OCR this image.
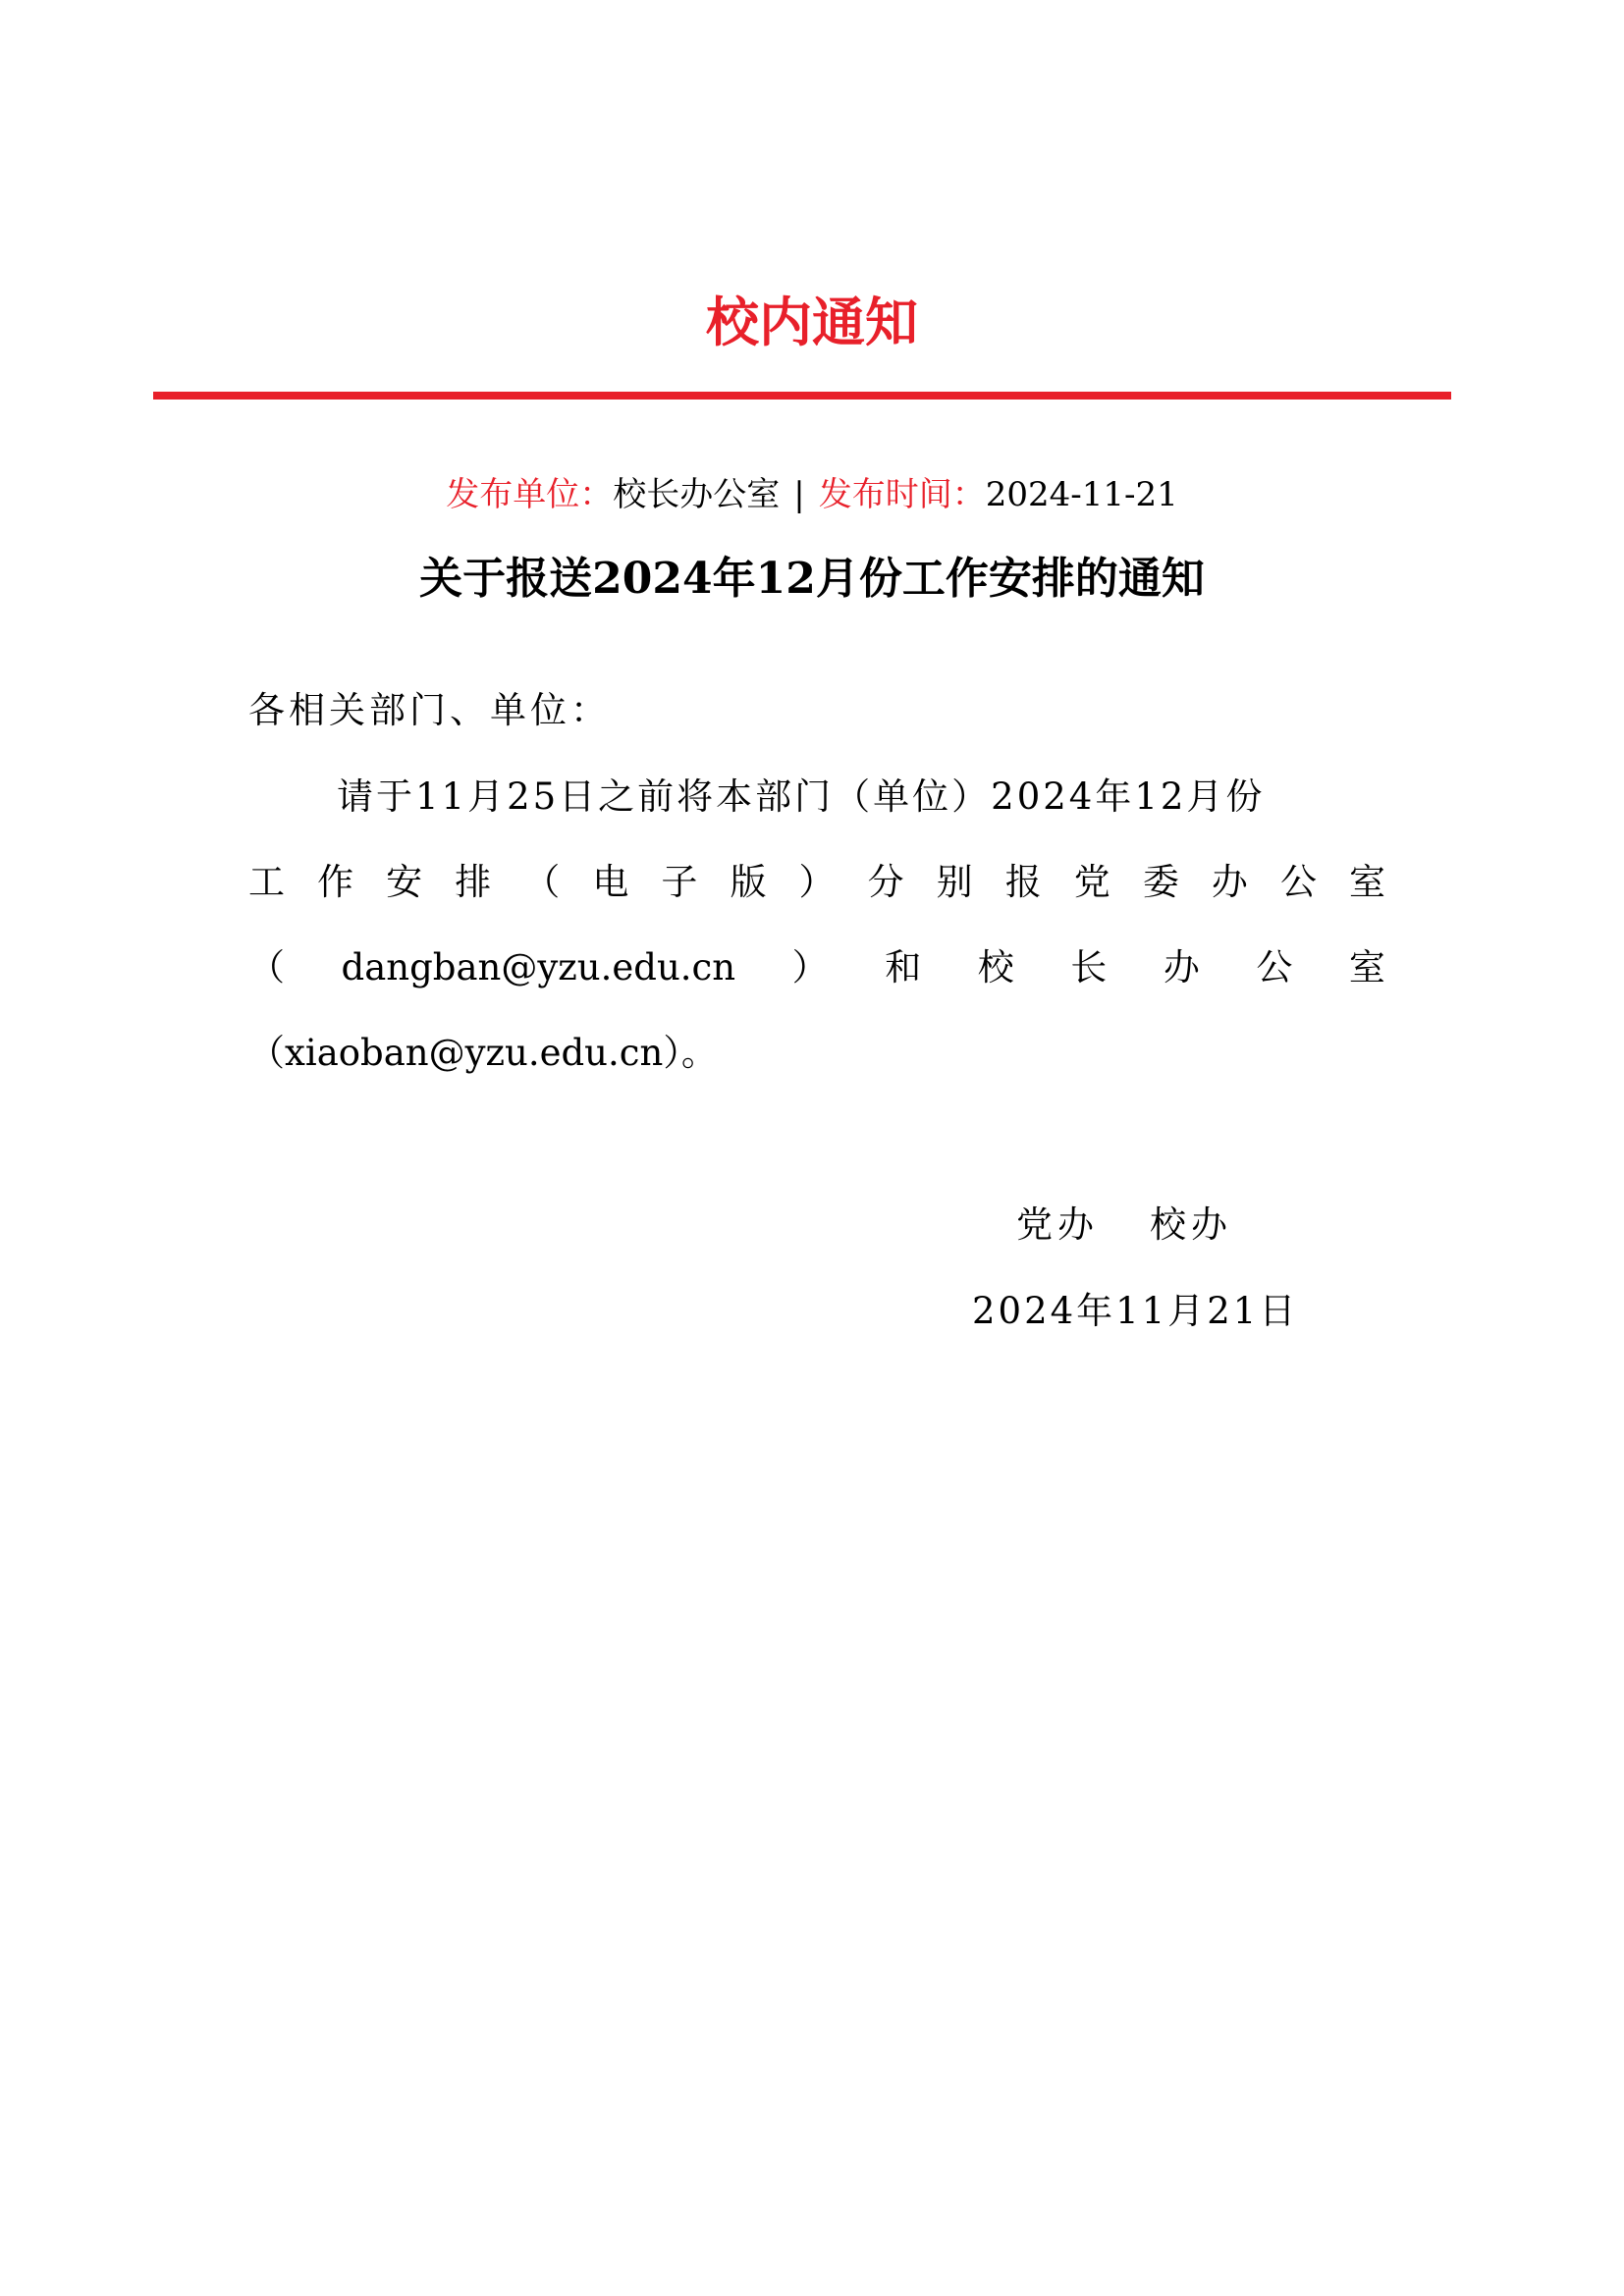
校内通知
发布单位：校长办公室 | 发布时间：2024-11-21
关于报送2024年12月份工作安排的通知
各相关部门、单位：
请于11月25日之前将本部门（单位）2024年12月份
工 作 安 排 （ 电 子 版 ） 分 别 报 党 委 办 公 室
（ dangban@yzu.edu.cn ） 和 校 长 办 公 室
（xiaoban@yzu.edu.cn）。
党办 校办
2024年11月21日
